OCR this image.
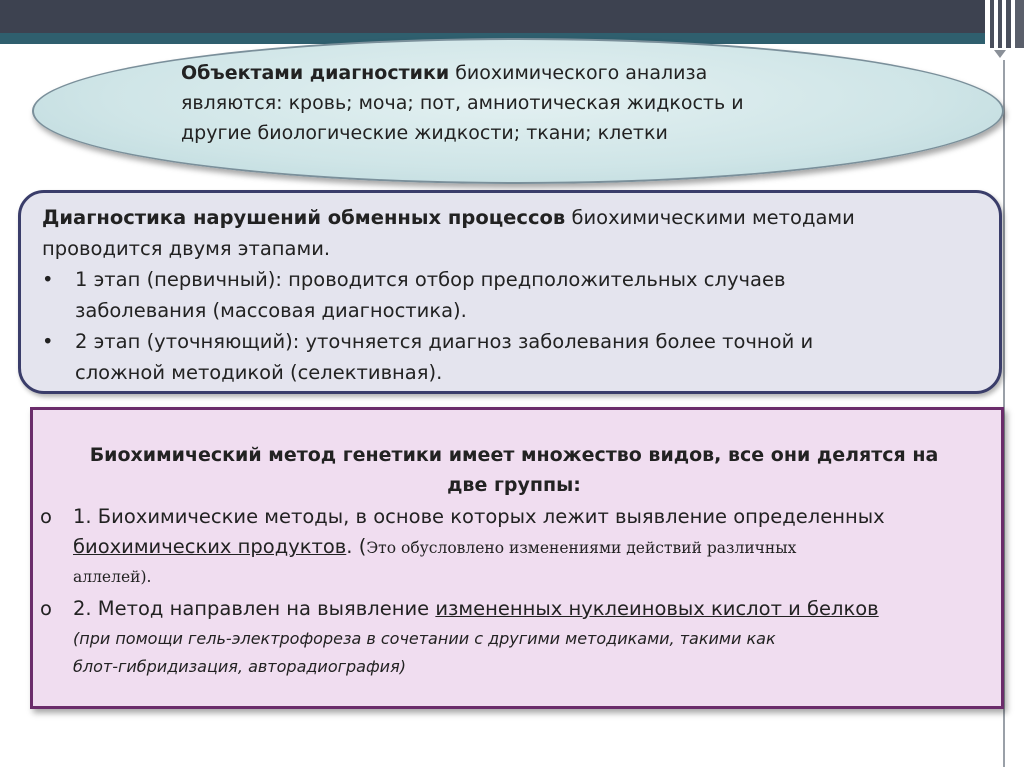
Объектами диагностики биохимического анализа
являются: кровь; моча; пот, амниотическая жидкость и
другие биологические жидкости; ткани; клетки
Диагностика нарушений обменных процессов биохимическими методами
проводится двумя этапами.
• 1 этап (первичный): проводится отбор предположительных случаев
заболевания (массовая диагностика).
• 2 этап (уточняющий): уточняется диагноз заболевания более точной и
сложной методикой (селективная).
Биохимический метод генетики имеет множество видов, все они делятся на
две группы:
o 1. Биохимические методы, в основе которых лежит выявление определенных
биохимических продуктов. (Это обусловлено изменениями действий различных
аллелей).
o 2. Метод направлен на выявление измененных нуклеиновых кислот и белков
(при помощи гель-электрофореза в сочетании с другими методиками, такими как
блот-гибридизация, авторадиография)
